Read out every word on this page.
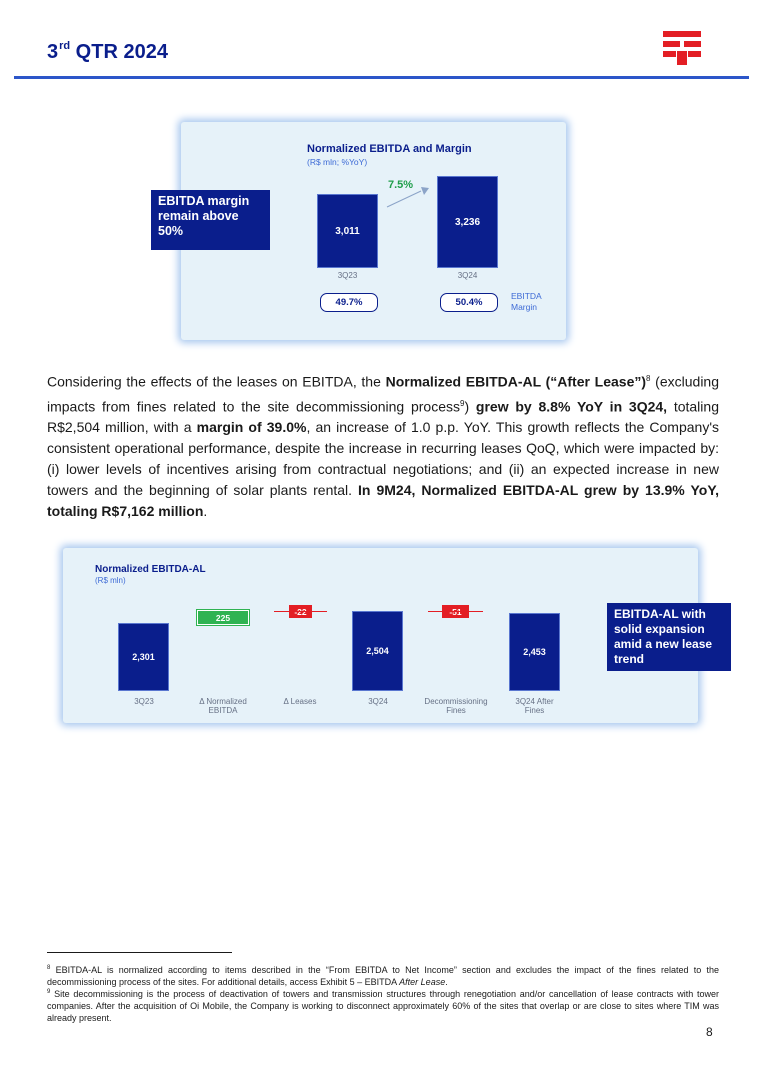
3rd QTR 2024
Normalized EBITDA and Margin
(R$ mln; %YoY)
EBITDA margin remain above 50%	3,011
3,236
7.5%
3Q23	3Q24
49.7%	50.4%
EBITDA Margin
Considering the effects of the leases on EBITDA, the Normalized EBITDA-AL (“After Lease”)$^8$ (excluding impacts from fines related to the site decommissioning process$^9$) grew by 8.8% YoY in 3Q24, totaling R$2,504 million, with a margin of 39.0%, an increase of 1.0 p.p. YoY. This growth reflects the Company's consistent operational performance, despite the increase in recurring leases QoQ, which were impacted by: (i) lower levels of incentives arising from contractual negotiations; and (ii) an expected increase in new towers and the beginning of solar plants rental. In 9M24, Normalized EBITDA-AL grew by 13.9% YoY, totaling R$7,162 million.
Normalized EBITDA-AL
(R$ mln)
2,301
225
2,504	2,453
3Q23	Δ Normalized EBITDA
Δ Leases	3Q24	Decommissioning Fines
3Q24 After Fines
EBITDA-AL with solid expansion amid a new lease trend
$^8$ EBITDA-AL is normalized according to items described in the “From EBITDA to Net Income” section and excludes the impact of the fines related to the decommissioning process of the sites. For additional details, access Exhibit 5 – EBITDA After Lease.
$^9$ Site decommissioning is the process of deactivation of towers and transmission structures through renegotiation and/or cancellation of lease contracts with tower companies. After the acquisition of Oi Mobile, the Company is working to disconnect approximately 60% of the sites that overlap or are close to sites where TIM was already present.
8
